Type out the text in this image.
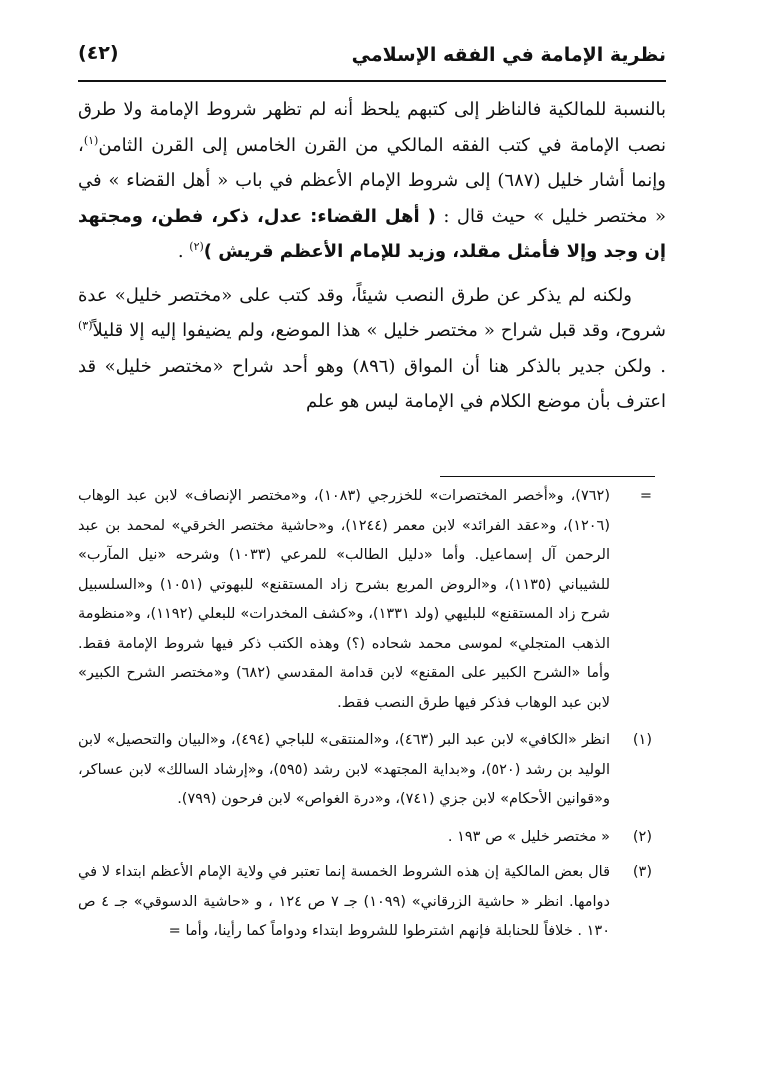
نظرية الإمامة في الفقه الإسلامي
(٤٢)

بالنسبة للمالكية فالناظر إلى كتبهم يلحظ أنه لم تظهر شروط الإمامة ولا طرق نصب الإمامة في كتب الفقه المالكي من القرن الخامس إلى القرن الثامن$^{(١)}$، وإنما أشار خليل (٦٨٧) إلى شروط الإمام الأعظم في باب « أهل القضاء » في « مختصر خليل » حيث قال : ( أهل القضاء: عدل، ذكر، فطن، ومجتهد إن وجد وإلا فأمثل مقلد، وزيد للإمام الأعظم قريش )$^{(٢)}$ .

ولكنه لم يذكر عن طرق النصب شيئاً، وقد كتب على «مختصر خليل» عدة شروح، وقد قبل شراح « مختصر خليل » هذا الموضع، ولم يضيفوا إليه إلا قليلاً$^{(٣)}$ . ولكن جدير بالذكر هنا أن المواق (٨٩٦) وهو أحد شراح «مختصر خليل» قد اعترف بأن موضع الكلام في الإمامة ليس هو علم

=
(٧٦٢)، و«أخصر المختصرات» للخزرجي (١٠٨٣)، و«مختصر الإنصاف» لابن عبد الوهاب (١٢٠٦)، و«عقد الفرائد» لابن معمر (١٢٤٤)، و«حاشية مختصر الخرقي» لمحمد بن عبد الرحمن آل إسماعيل. وأما «دليل الطالب» للمرعي (١٠٣٣) وشرحه «نيل المآرب» للشيباني (١١٣٥)، و«الروض المربع بشرح زاد المستقنع» للبهوتي (١٠٥١) و«السلسبيل شرح زاد المستقنع» للبليهي (ولد ١٣٣١)، و«كشف المخدرات» للبعلي (١١٩٢)، و«منظومة الذهب المتجلي» لموسى محمد شحاده (؟) وهذه الكتب ذكر فيها شروط الإمامة فقط. وأما «الشرح الكبير على المقنع» لابن قدامة المقدسي (٦٨٢) و«مختصر الشرح الكبير» لابن عبد الوهاب فذكر فيها طرق النصب فقط.
(١)
انظر «الكافي» لابن عبد البر (٤٦٣)، و«المنتقى» للباجي (٤٩٤)، و«البيان والتحصيل» لابن الوليد بن رشد (٥٢٠)، و«بداية المجتهد» لابن رشد (٥٩٥)، و«إرشاد السالك» لابن عساكر، و«قوانين الأحكام» لابن جزي (٧٤١)، و«درة الغواص» لابن فرحون (٧٩٩).
(٢)
« مختصر خليل » ص ١٩٣ .
(٣)
قال بعض المالكية إن هذه الشروط الخمسة إنما تعتبر في ولاية الإمام الأعظم ابتداء لا في دوامها. انظر « حاشية الزرقاني» (١٠٩٩) جـ ٧ ص ١٢٤ ، و «حاشية الدسوقي» جـ ٤ ص ١٣٠ . خلافاً للحنابلة فإنهم اشترطوا للشروط ابتداء ودواماً كما رأينا، وأما =
